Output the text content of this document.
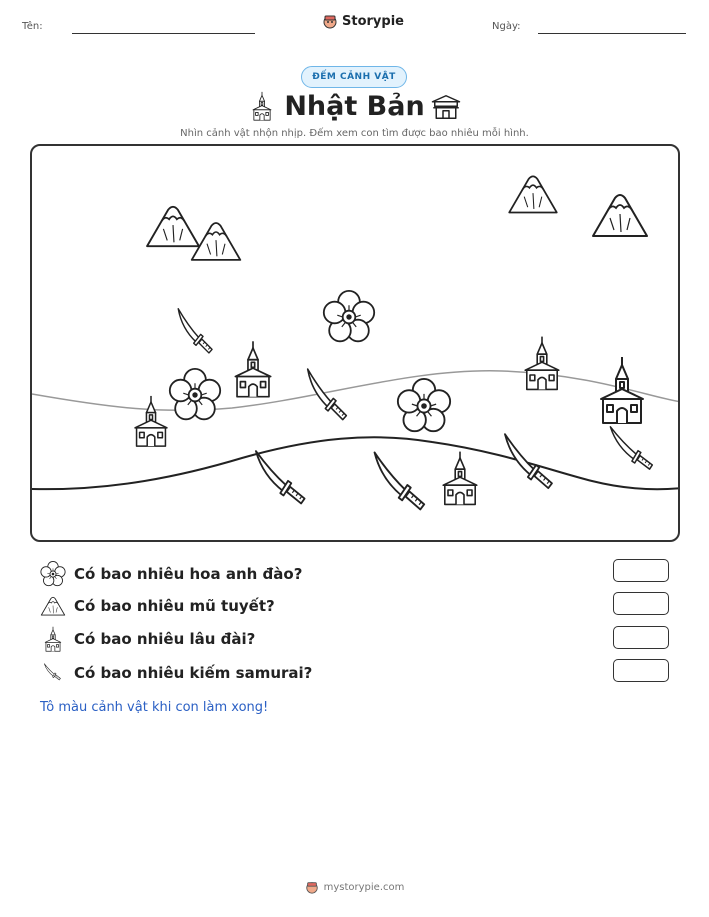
Tên:	Storypie	Ngày:
ĐẾM CẢNH VẬT
Nhật Bản
Nhìn cảnh vật nhộn nhịp. Đếm xem con tìm được bao nhiêu mỗi hình.
Có bao nhiêu hoa anh đào?
Có bao nhiêu mũ tuyết?
Có bao nhiêu lâu đài?
Có bao nhiêu kiếm samurai?
Tô màu cảnh vật khi con làm xong!
mystorypie.com
